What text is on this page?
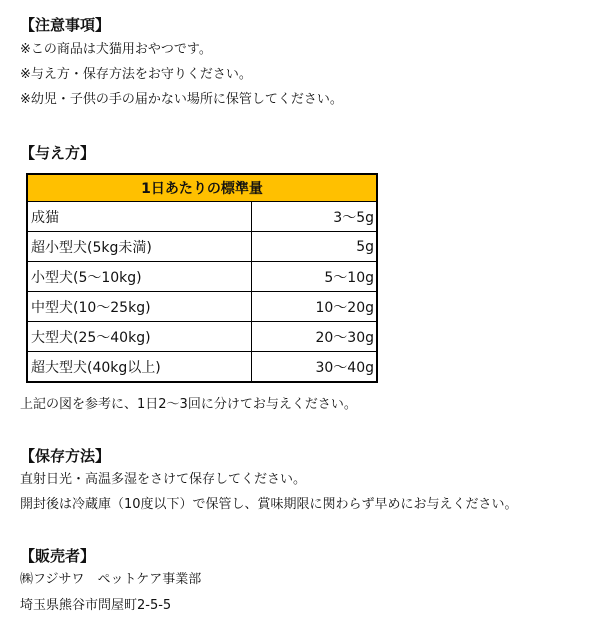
【注意事項】
※この商品は犬猫用おやつです。
※与え方・保存方法をお守りください。
※幼児・子供の手の届かない場所に保管してください。
【与え方】
1日あたりの標準量	
成猫	3〜5g
超小型犬(5kg未満)	5g
小型犬(5〜10kg)	5〜10g
中型犬(10〜25kg)	10〜20g
大型犬(25〜40kg)	20〜30g
超大型犬(40kg以上)	30〜40g
上記の図を参考に、1日2〜3回に分けてお与えください。
【保存方法】
直射日光・高温多湿をさけて保存してください。
開封後は冷蔵庫（10度以下）で保管し、賞味期限に関わらず早めにお与えください。
【販売者】
㈱フジサワ　ペットケア事業部
埼玉県熊谷市問屋町2-5-5
